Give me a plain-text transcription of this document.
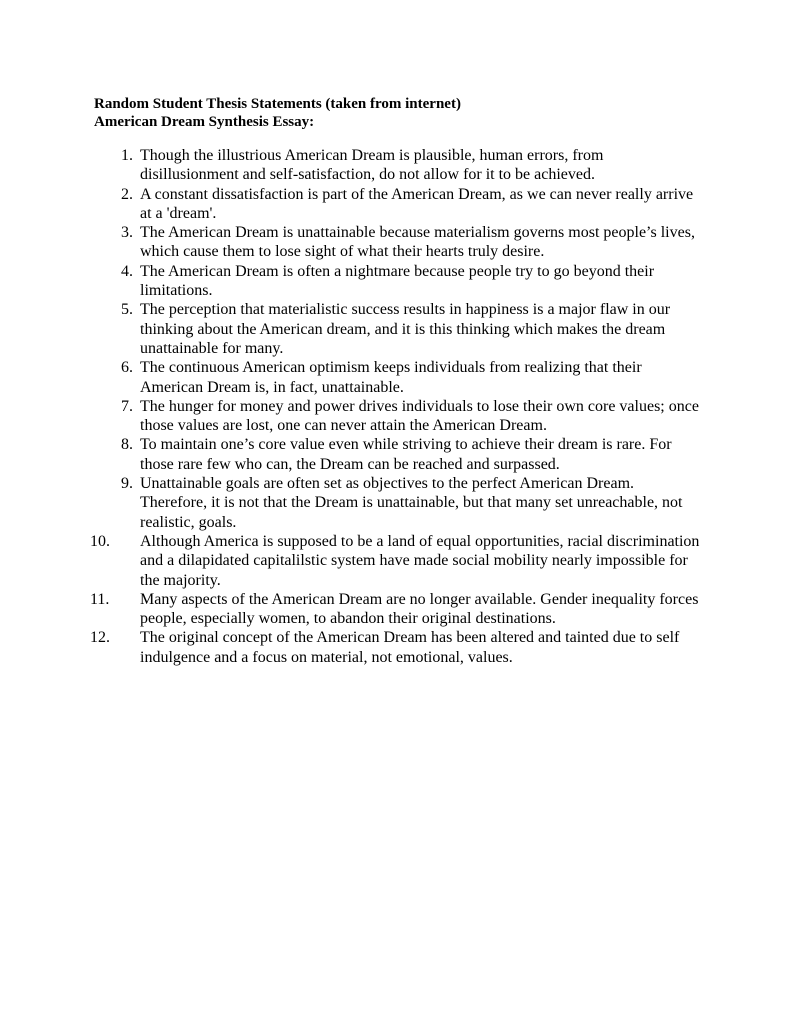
Random Student Thesis Statements (taken from internet)
American Dream Synthesis Essay:
1. Though the illustrious American Dream is plausible, human errors, from disillusionment and self-satisfaction, do not allow for it to be achieved.
2. A constant dissatisfaction is part of the American Dream, as we can never really arrive at a 'dream'.
3. The American Dream is unattainable because materialism governs most people’s lives, which cause them to lose sight of what their hearts truly desire.
4. The American Dream is often a nightmare because people try to go beyond their limitations.
5. The perception that materialistic success results in happiness is a major flaw in our thinking about the American dream, and it is this thinking which makes the dream unattainable for many.
6. The continuous American optimism keeps individuals from realizing that their American Dream is, in fact, unattainable.
7. The hunger for money and power drives individuals to lose their own core values; once those values are lost, one can never attain the American Dream.
8. To maintain one’s core value even while striving to achieve their dream is rare. For those rare few who can, the Dream can be reached and surpassed.
9. Unattainable goals are often set as objectives to the perfect American Dream. Therefore, it is not that the Dream is unattainable, but that many set unreachable, not realistic, goals.
10.	Although America is supposed to be a land of equal opportunities, racial discrimination and a dilapidated capitalilstic system have made social mobility nearly impossible for the majority.
11.	Many aspects of the American Dream are no longer available. Gender inequality forces people, especially women, to abandon their original destinations.
12.	The original concept of the American Dream has been altered and tainted due to self indulgence and a focus on material, not emotional, values.
